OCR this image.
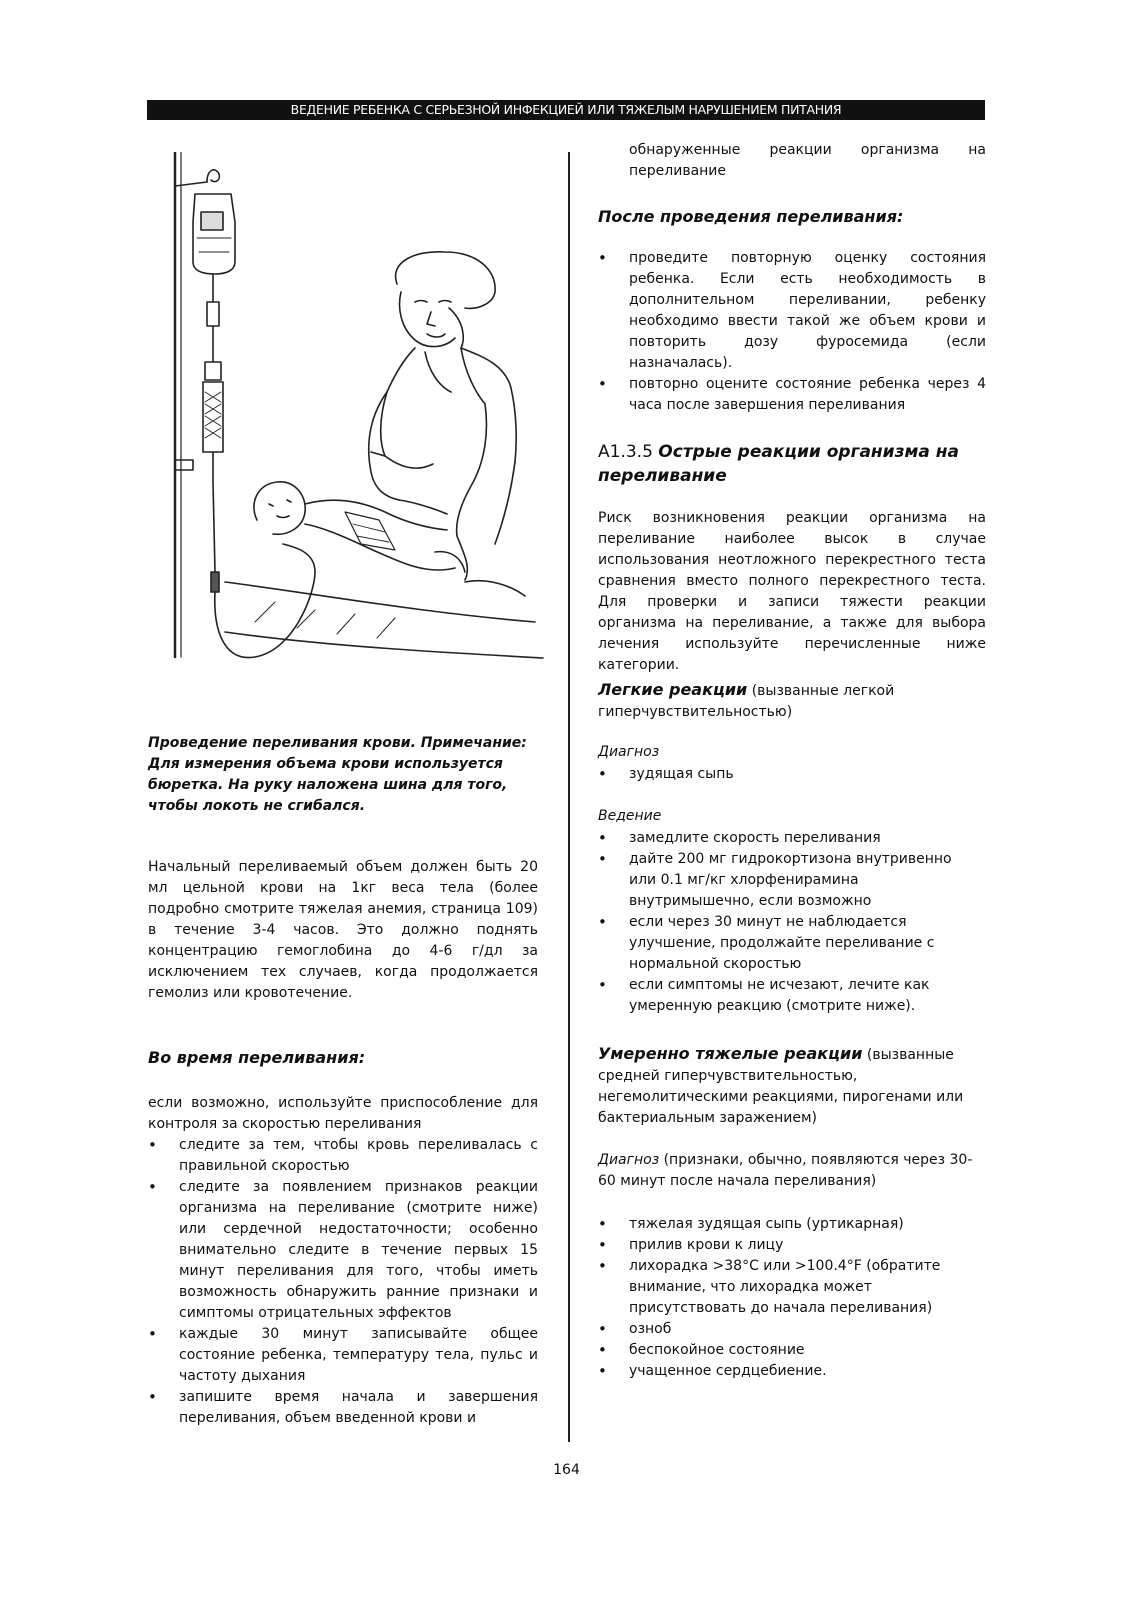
ВЕДЕНИЕ РЕБЕНКА С СЕРЬЕЗНОЙ ИНФЕКЦИЕЙ ИЛИ ТЯЖЕЛЫМ НАРУШЕНИЕМ ПИТАНИЯ
Проведение переливания крови. Примечание: Для измерения объема крови используется бюретка. На руку наложена шина для того, чтобы локоть не сгибался.
Начальный переливаемый объем должен быть 20 мл цельной крови на 1кг веса тела (более подробно смотрите тяжелая анемия, страница 109) в течение 3-4 часов. Это должно поднять концентрацию гемоглобина до 4-6 г/дл за исключением тех случаев, когда продолжается гемолиз или кровотечение.
Во время переливания:
если возможно, используйте приспособление для контроля за скоростью переливания
• следите за тем, чтобы кровь переливалась с правильной скоростью
• следите за появлением признаков реакции организма на переливание (смотрите ниже) или сердечной недостаточности; особенно внимательно следите в течение первых 15 минут переливания для того, чтобы иметь возможность обнаружить ранние признаки и симптомы отрицательных эффектов
• каждые 30 минут записывайте общее состояние ребенка, температуру тела, пульс и частоту дыхания
• запишите время начала и завершения переливания, объем введенной крови и
обнаруженные реакции организма на переливание
После проведения переливания:
• проведите повторную оценку состояния ребенка. Если есть необходимость в дополнительном переливании, ребенку необходимо ввести такой же объем крови и повторить дозу фуросемида (если назначалась).
• повторно оцените состояние ребенка через 4 часа после завершения переливания
A1.3.5 Острые реакции организма на переливание
Риск возникновения реакции организма на переливание наиболее высок в случае использования неотложного перекрестного теста сравнения вместо полного перекрестного теста. Для проверки и записи тяжести реакции организма на переливание, а также для выбора лечения используйте перечисленные ниже категории.
Легкие реакции (вызванные легкой гиперчувствительностью)
Диагноз
• зудящая сыпь
Ведение
• замедлите скорость переливания
• дайте 200 мг гидрокортизона внутривенно или 0.1 мг/кг хлорфенирамина внутримышечно, если возможно
• если через 30 минут не наблюдается улучшение, продолжайте переливание с нормальной скоростью
• если симптомы не исчезают, лечите как умеренную реакцию (смотрите ниже).
Умеренно тяжелые реакции (вызванные средней гиперчувствительностью, негемолитическими реакциями, пирогенами или бактериальным заражением)
Диагноз (признаки, обычно, появляются через 30-60 минут после начала переливания)
• тяжелая зудящая сыпь (уртикарная)
• прилив крови к лицу
• лихорадка >38°С или >100.4°F (обратите внимание, что лихорадка может присутствовать до начала переливания)
• озноб
• беспокойное состояние
• учащенное сердцебиение.
164
